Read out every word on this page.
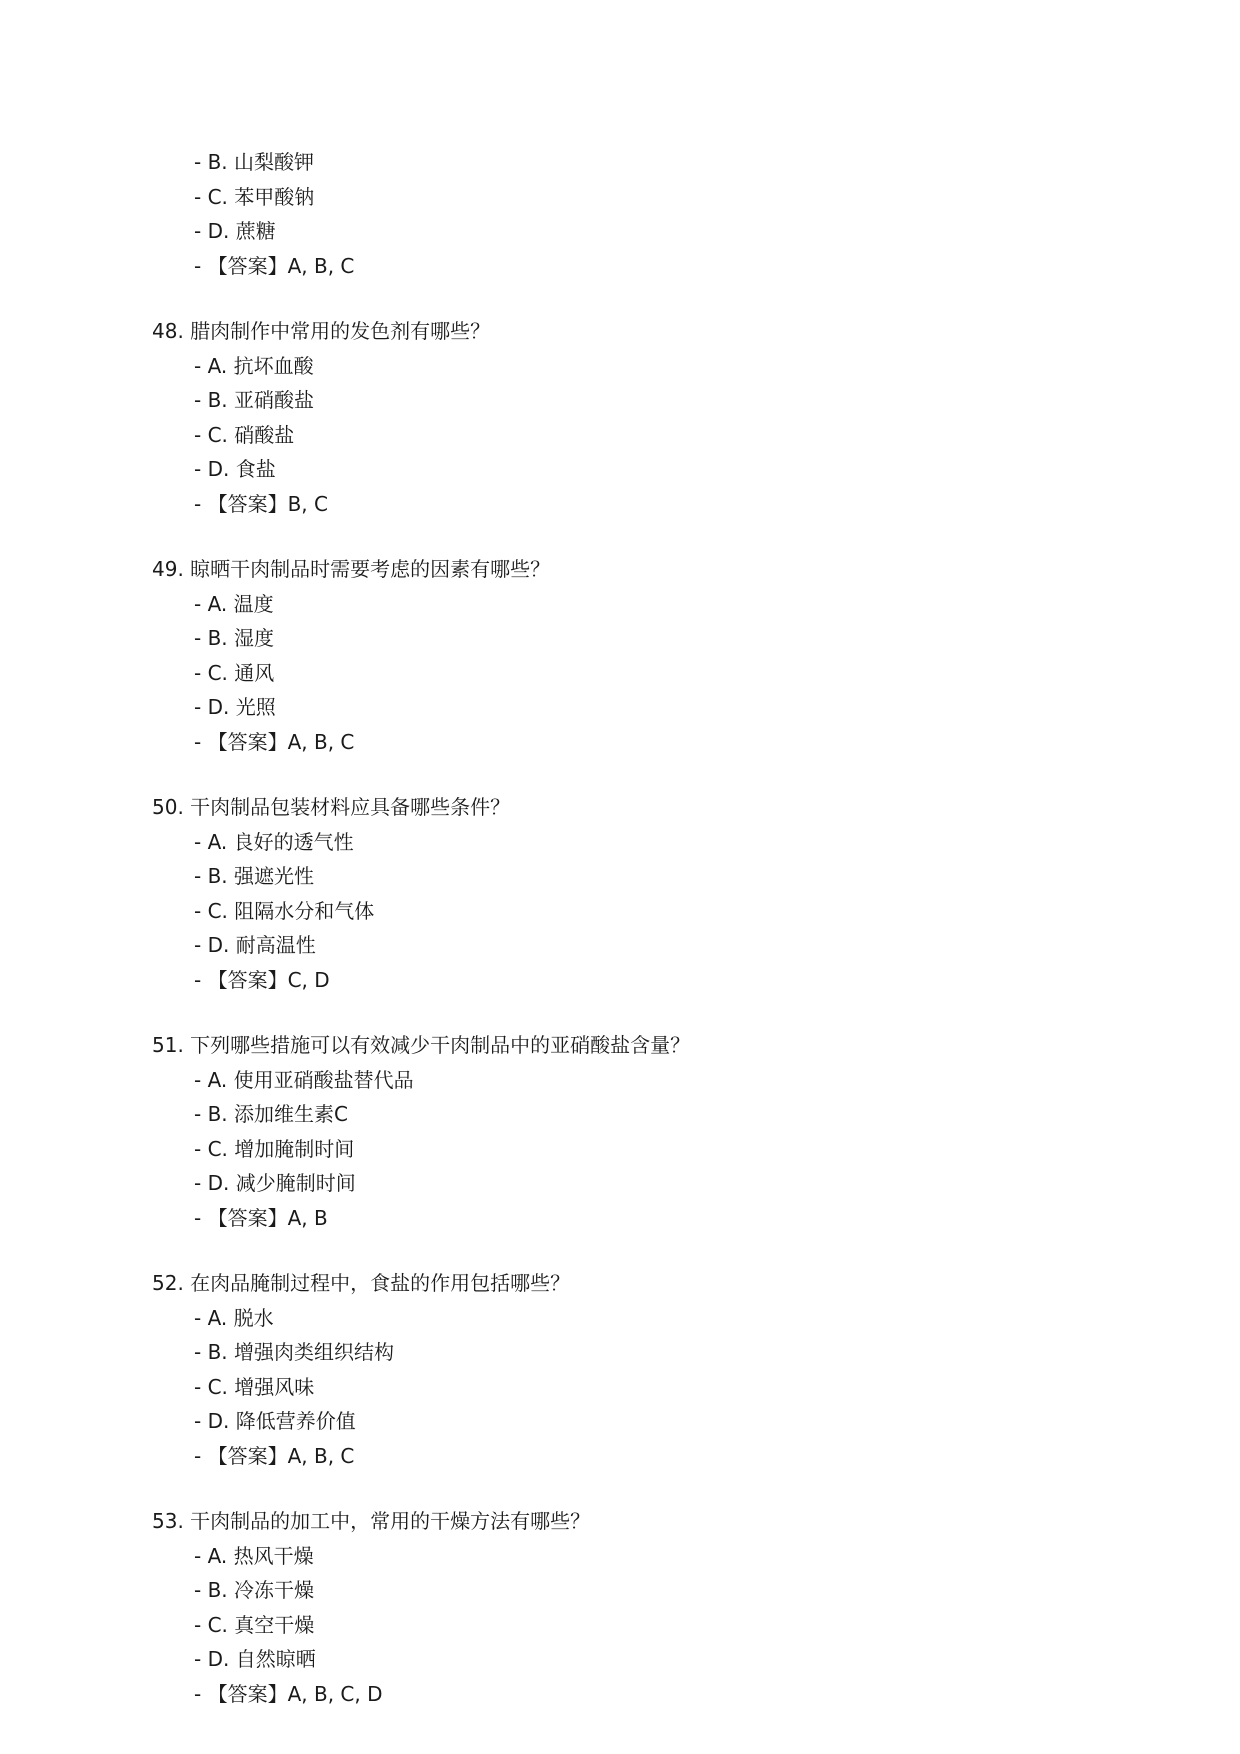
- B. 山梨酸钾
- C. 苯甲酸钠
- D. 蔗糖
- 【答案】A, B, C
48. 腊肉制作中常用的发色剂有哪些？
- A. 抗坏血酸
- B. 亚硝酸盐
- C. 硝酸盐
- D. 食盐
- 【答案】B, C
49. 晾晒干肉制品时需要考虑的因素有哪些？
- A. 温度
- B. 湿度
- C. 通风
- D. 光照
- 【答案】A, B, C
50. 干肉制品包装材料应具备哪些条件？
- A. 良好的透气性
- B. 强遮光性
- C. 阻隔水分和气体
- D. 耐高温性
- 【答案】C, D
51. 下列哪些措施可以有效减少干肉制品中的亚硝酸盐含量？
- A. 使用亚硝酸盐替代品
- B. 添加维生素C
- C. 增加腌制时间
- D. 减少腌制时间
- 【答案】A, B
52. 在肉品腌制过程中，食盐的作用包括哪些？
- A. 脱水
- B. 增强肉类组织结构
- C. 增强风味
- D. 降低营养价值
- 【答案】A, B, C
53. 干肉制品的加工中，常用的干燥方法有哪些？
- A. 热风干燥
- B. 冷冻干燥
- C. 真空干燥
- D. 自然晾晒
- 【答案】A, B, C, D
